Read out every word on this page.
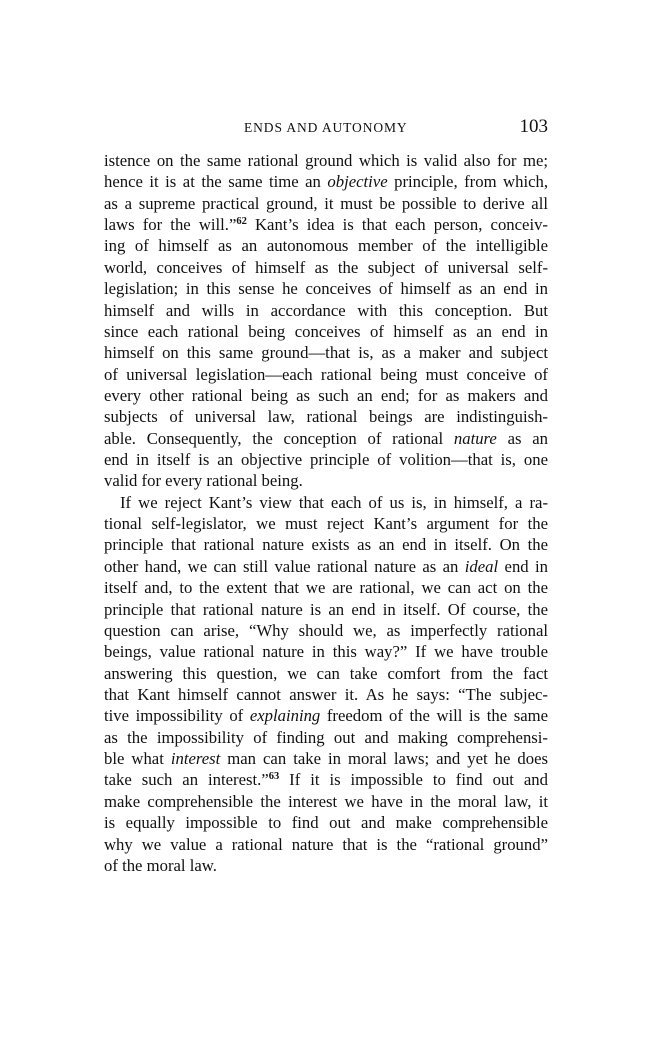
ENDS AND AUTONOMY	103
istence on the same rational ground which is valid also for me;
hence it is at the same time an objective principle, from which,
as a supreme practical ground, it must be possible to derive all
laws for the will.”$^{62}$ Kant’s idea is that each person, conceiv-
ing of himself as an autonomous member of the intelligible
world, conceives of himself as the subject of universal self-
legislation; in this sense he conceives of himself as an end in
himself and wills in accordance with this conception. But
since each rational being conceives of himself as an end in
himself on this same ground—that is, as a maker and subject
of universal legislation—each rational being must conceive of
every other rational being as such an end; for as makers and
subjects of universal law, rational beings are indistinguish-
able. Consequently, the conception of rational nature as an
end in itself is an objective principle of volition—that is, one
valid for every rational being.
If we reject Kant’s view that each of us is, in himself, a ra-
tional self-legislator, we must reject Kant’s argument for the
principle that rational nature exists as an end in itself. On the
other hand, we can still value rational nature as an ideal end in
itself and, to the extent that we are rational, we can act on the
principle that rational nature is an end in itself. Of course, the
question can arise, “Why should we, as imperfectly rational
beings, value rational nature in this way?” If we have trouble
answering this question, we can take comfort from the fact
that Kant himself cannot answer it. As he says: “The subjec-
tive impossibility of explaining freedom of the will is the same
as the impossibility of finding out and making comprehensi-
ble what interest man can take in moral laws; and yet he does
take such an interest.”$^{63}$ If it is impossible to find out and
make comprehensible the interest we have in the moral law, it
is equally impossible to find out and make comprehensible
why we value a rational nature that is the “rational ground”
of the moral law.
